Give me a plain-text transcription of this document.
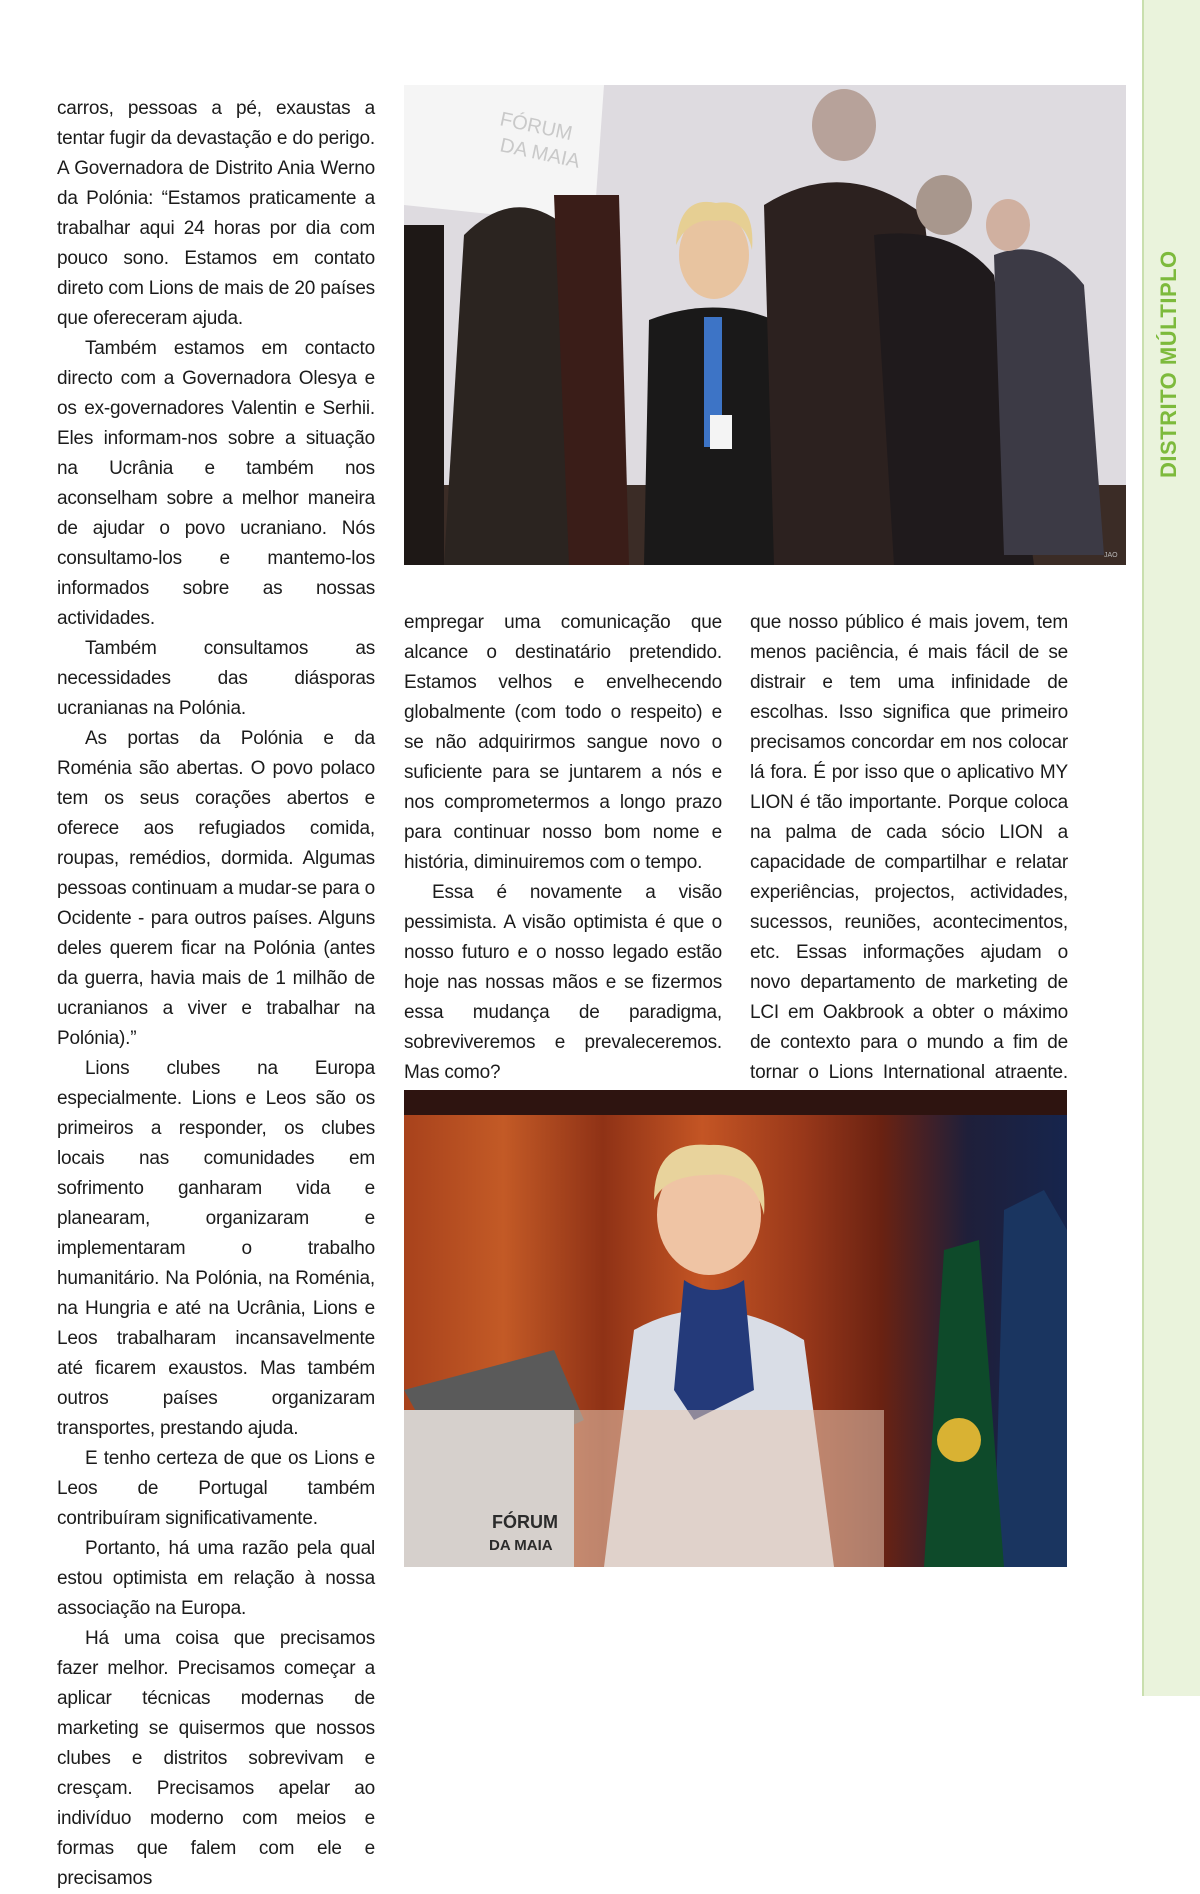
DISTRITO MÚLTIPLO

carros, pessoas a pé, exaustas a tentar fugir da devastação e do perigo. A Governadora de Distrito Ania Werno da Polónia: “Estamos praticamente a trabalhar aqui 24 horas por dia com pouco sono. Estamos em contato direto com Lions de mais de 20 países que ofereceram ajuda.

Também estamos em contacto directo com a Governadora Olesya e os ex-governadores Valentin e Serhii. Eles informam-nos sobre a situação na Ucrânia e também nos aconselham sobre a melhor maneira de ajudar o povo ucraniano. Nós consultamo-los e mantemo-los informados sobre as nossas actividades.

Também consultamos as necessidades das diásporas ucranianas na Polónia.

As portas da Polónia e da Roménia são abertas. O povo polaco tem os seus corações abertos e oferece aos refugiados comida, roupas, remédios, dormida. Algumas pessoas continuam a mudar-se para o Ocidente - para outros países. Alguns deles querem ficar na Polónia (antes da guerra, havia mais de 1 milhão de ucranianos a viver e trabalhar na Polónia).”

Lions clubes na Europa especialmente. Lions e Leos são os primeiros a responder, os clubes locais nas comunidades em sofrimento ganharam vida e planearam, organizaram e implementaram o trabalho humanitário. Na Polónia, na Roménia, na Hungria e até na Ucrânia, Lions e Leos trabalharam incansavelmente até ficarem exaustos. Mas também outros países organizaram transportes, prestando ajuda.

E tenho certeza de que os Lions e Leos de Portugal também contribuíram significativamente.

Portanto, há uma razão pela qual estou optimista em relação à nossa associação na Europa.

Há uma coisa que precisamos fazer melhor. Precisamos começar a aplicar técnicas modernas de marketing se quisermos que nossos clubes e distritos sobrevivam e cresçam. Precisamos apelar ao indivíduo moderno com meios e formas que falem com ele e precisamos

empregar uma comunicação que alcance o destinatário pretendido. Estamos velhos e envelhecendo globalmente (com todo o respeito) e se não adquirirmos sangue novo o suficiente para se juntarem a nós e nos comprometermos a longo prazo para continuar nosso bom nome e história, diminuiremos com o tempo.

Essa é novamente a visão pessimista. A visão optimista é que o nosso futuro e o nosso legado estão hoje nas nossas mãos e se fizermos essa mudança de paradigma, sobreviveremos e prevaleceremos. Mas como?

que nosso público é mais jovem, tem menos paciência, é mais fácil de se distrair e tem uma infinidade de escolhas. Isso significa que primeiro precisamos concordar em nos colocar lá fora. É por isso que o aplicativo MY LION é tão importante. Porque coloca na palma de cada sócio LION a capacidade de compartilhar e relatar experiências, projectos, actividades, sucessos, reuniões, acontecimentos, etc. Essas informações ajudam o novo departamento de marketing de LCI em Oakbrook a obter o máximo de contexto para o mundo a fim de tornar o Lions International atraente.

FÓRUM
DA MAIA
JAO
FÓRUM
DA MAIA
